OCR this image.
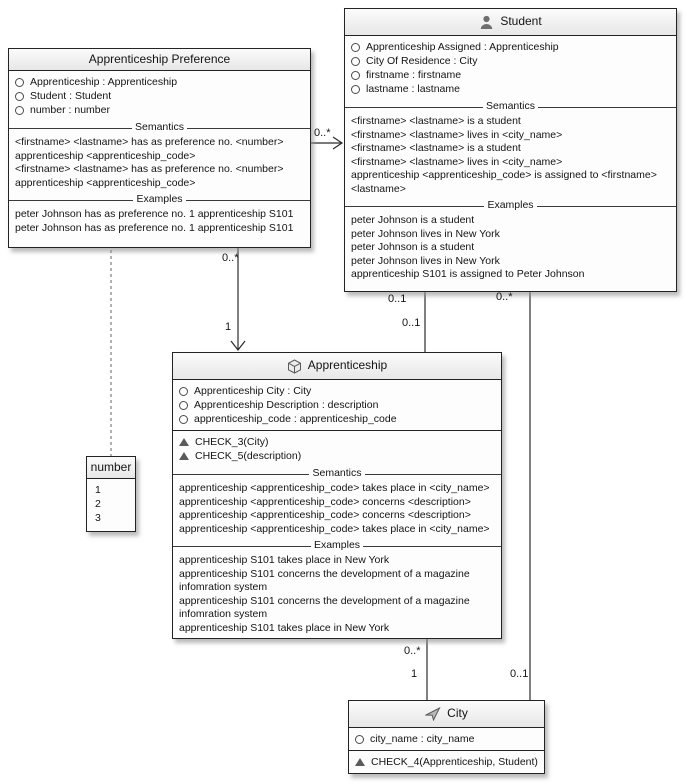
0..*
0..*
1
0..1
0..1
0..*
0..1
0..*
1
Apprenticeship Preference
Apprenticeship : Apprenticeship
Student : Student
number : number
Semantics
<firstname> <lastname> has as preference no. <number>
apprenticeship <apprenticeship_code>
<firstname> <lastname> has as preference no. <number>
apprenticeship <apprenticeship_code>
Examples
peter Johnson has as preference no. 1 apprenticeship S101
peter Johnson has as preference no. 1 apprenticeship S101
Student
Apprenticeship Assigned : Apprenticeship
City Of Residence : City
firstname : firstname
lastname : lastname
Semantics
<firstname> <lastname> is a student
<firstname> <lastname> lives in <city_name>
<firstname> <lastname> is a student
<firstname> <lastname> lives in <city_name>
apprenticeship <apprenticeship_code> is assigned to <firstname>
<lastname>
Examples
peter Johnson is a student
peter Johnson lives in New York
peter Johnson is a student
peter Johnson lives in New York
apprenticeship S101 is assigned to Peter Johnson
Apprenticeship
Apprenticeship City : City
Apprenticeship Description : description
apprenticeship_code : apprenticeship_code
CHECK_3(City)
CHECK_5(description)
Semantics
apprenticeship <apprenticeship_code> takes place in <city_name>
apprenticeship <apprenticeship_code> concerns <description>
apprenticeship <apprenticeship_code> concerns <description>
apprenticeship <apprenticeship_code> takes place in <city_name>
Examples
apprenticeship S101 takes place in New York
apprenticeship S101 concerns the development of a magazine
infomration system
apprenticeship S101 concerns the development of a magazine
infomration system
apprenticeship S101 takes place in New York
number
1
2
3
City
city_name : city_name
CHECK_4(Apprenticeship, Student)
